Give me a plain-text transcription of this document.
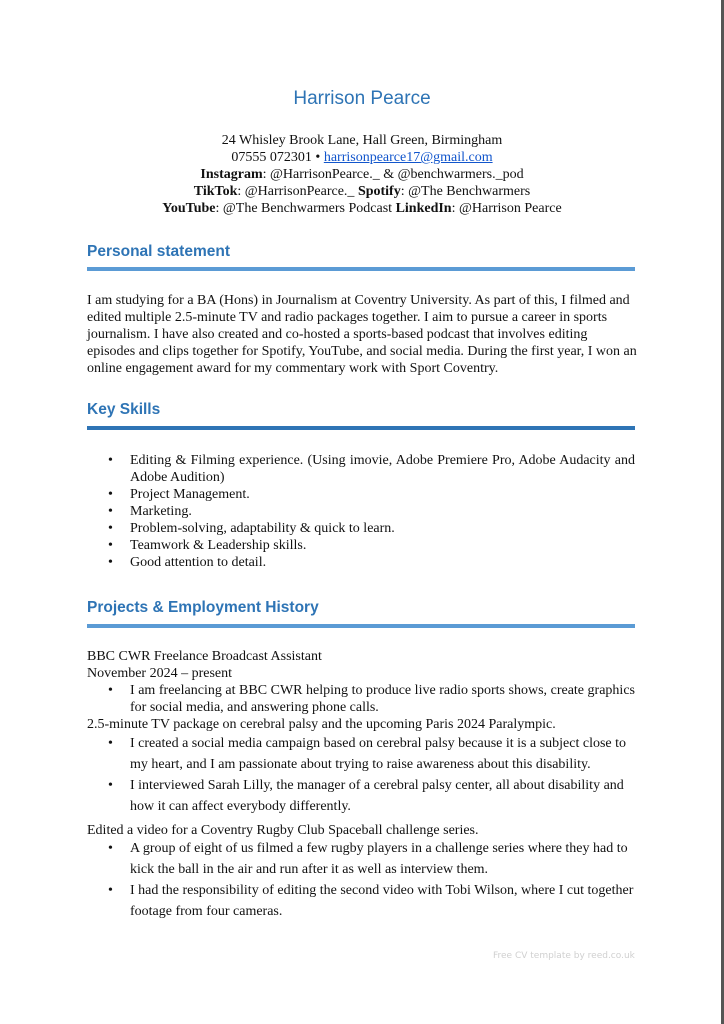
Harrison Pearce
24 Whisley Brook Lane, Hall Green, Birmingham
07555 072301 • harrisonpearce17@gmail.com
Instagram: @HarrisonPearce._ & @benchwarmers._pod
TikTok: @HarrisonPearce._ Spotify: @The Benchwarmers
YouTube: @The Benchwarmers Podcast LinkedIn: @Harrison Pearce
Personal statement
I am studying for a BA (Hons) in Journalism at Coventry University. As part of this, I filmed and edited multiple 2.5-minute TV and radio packages together. I aim to pursue a career in sports journalism. I have also created and co-hosted a sports-based podcast that involves editing episodes and clips together for Spotify, YouTube, and social media. During the first year, I won an online engagement award for my commentary work with Sport Coventry.
Key Skills
• Editing & Filming experience. (Using imovie, Adobe Premiere Pro, Adobe Audacity and Adobe Audition)
• Project Management.
• Marketing.
• Problem-solving, adaptability & quick to learn.
• Teamwork & Leadership skills.
• Good attention to detail.
Projects & Employment History
BBC CWR Freelance Broadcast Assistant
November 2024 – present
• I am freelancing at BBC CWR helping to produce live radio sports shows, create graphics for social media, and answering phone calls.
2.5-minute TV package on cerebral palsy and the upcoming Paris 2024 Paralympic.
• I created a social media campaign based on cerebral palsy because it is a subject close to my heart, and I am passionate about trying to raise awareness about this disability.
• I interviewed Sarah Lilly, the manager of a cerebral palsy center, all about disability and how it can affect everybody differently.
Edited a video for a Coventry Rugby Club Spaceball challenge series.
• A group of eight of us filmed a few rugby players in a challenge series where they had to kick the ball in the air and run after it as well as interview them.
• I had the responsibility of editing the second video with Tobi Wilson, where I cut together footage from four cameras.
Free CV template by reed.co.uk
